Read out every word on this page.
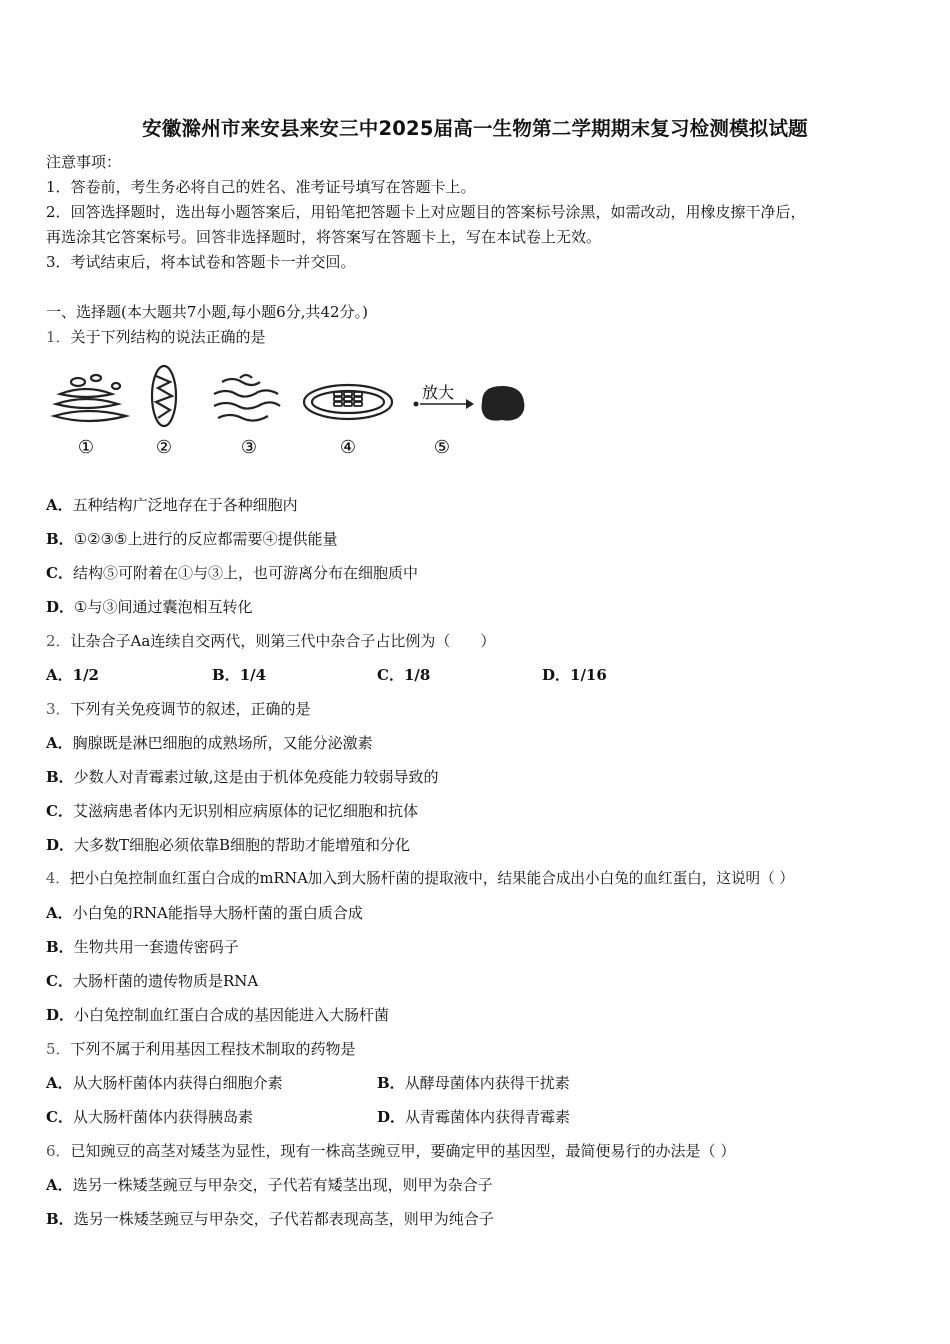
安徽滁州市来安县来安三中2025届高一生物第二学期期末复习检测模拟试题
注意事项：
1．答卷前，考生务必将自己的姓名、准考证号填写在答题卡上。
2．回答选择题时，选出每小题答案后，用铅笔把答题卡上对应题目的答案标号涂黑，如需改动，用橡皮擦干净后，
再选涂其它答案标号。回答非选择题时，将答案写在答题卡上，写在本试卷上无效。
3．考试结束后，将本试卷和答题卡一并交回。
一、选择题(本大题共7小题,每小题6分,共42分。)
1．关于下列结构的说法正确的是
①	②	③	④
放大
⑤
A．五种结构广泛地存在于各种细胞内
B．①②③⑤上进行的反应都需要④提供能量
C．结构⑤可附着在①与③上，也可游离分布在细胞质中
D．①与③间通过囊泡相互转化
2．让杂合子Aa连续自交两代，则第三代中杂合子占比例为（　　）
A．1/2	B．1/4	C．1/8	D．1/16
3．下列有关免疫调节的叙述，正确的是
A．胸腺既是淋巴细胞的成熟场所，又能分泌激素
B．少数人对青霉素过敏,这是由于机体免疫能力较弱导致的
C．艾滋病患者体内无识别相应病原体的记忆细胞和抗体
D．大多数T细胞必须依靠B细胞的帮助才能增殖和分化
4．把小白兔控制血红蛋白合成的mRNA加入到大肠杆菌的提取液中，结果能合成出小白兔的血红蛋白，这说明（ ）
A．小白兔的RNA能指导大肠杆菌的蛋白质合成
B．生物共用一套遗传密码子
C．大肠杆菌的遗传物质是RNA
D．小白兔控制血红蛋白合成的基因能进入大肠杆菌
5．下列不属于利用基因工程技术制取的药物是
A．从大肠杆菌体内获得白细胞介素	B．从酵母菌体内获得干扰素
C．从大肠杆菌体内获得胰岛素	D．从青霉菌体内获得青霉素
6．已知豌豆的高茎对矮茎为显性，现有一株高茎豌豆甲，要确定甲的基因型，最简便易行的办法是（ ）
A．选另一株矮茎豌豆与甲杂交，子代若有矮茎出现，则甲为杂合子
B．选另一株矮茎豌豆与甲杂交，子代若都表现高茎，则甲为纯合子
